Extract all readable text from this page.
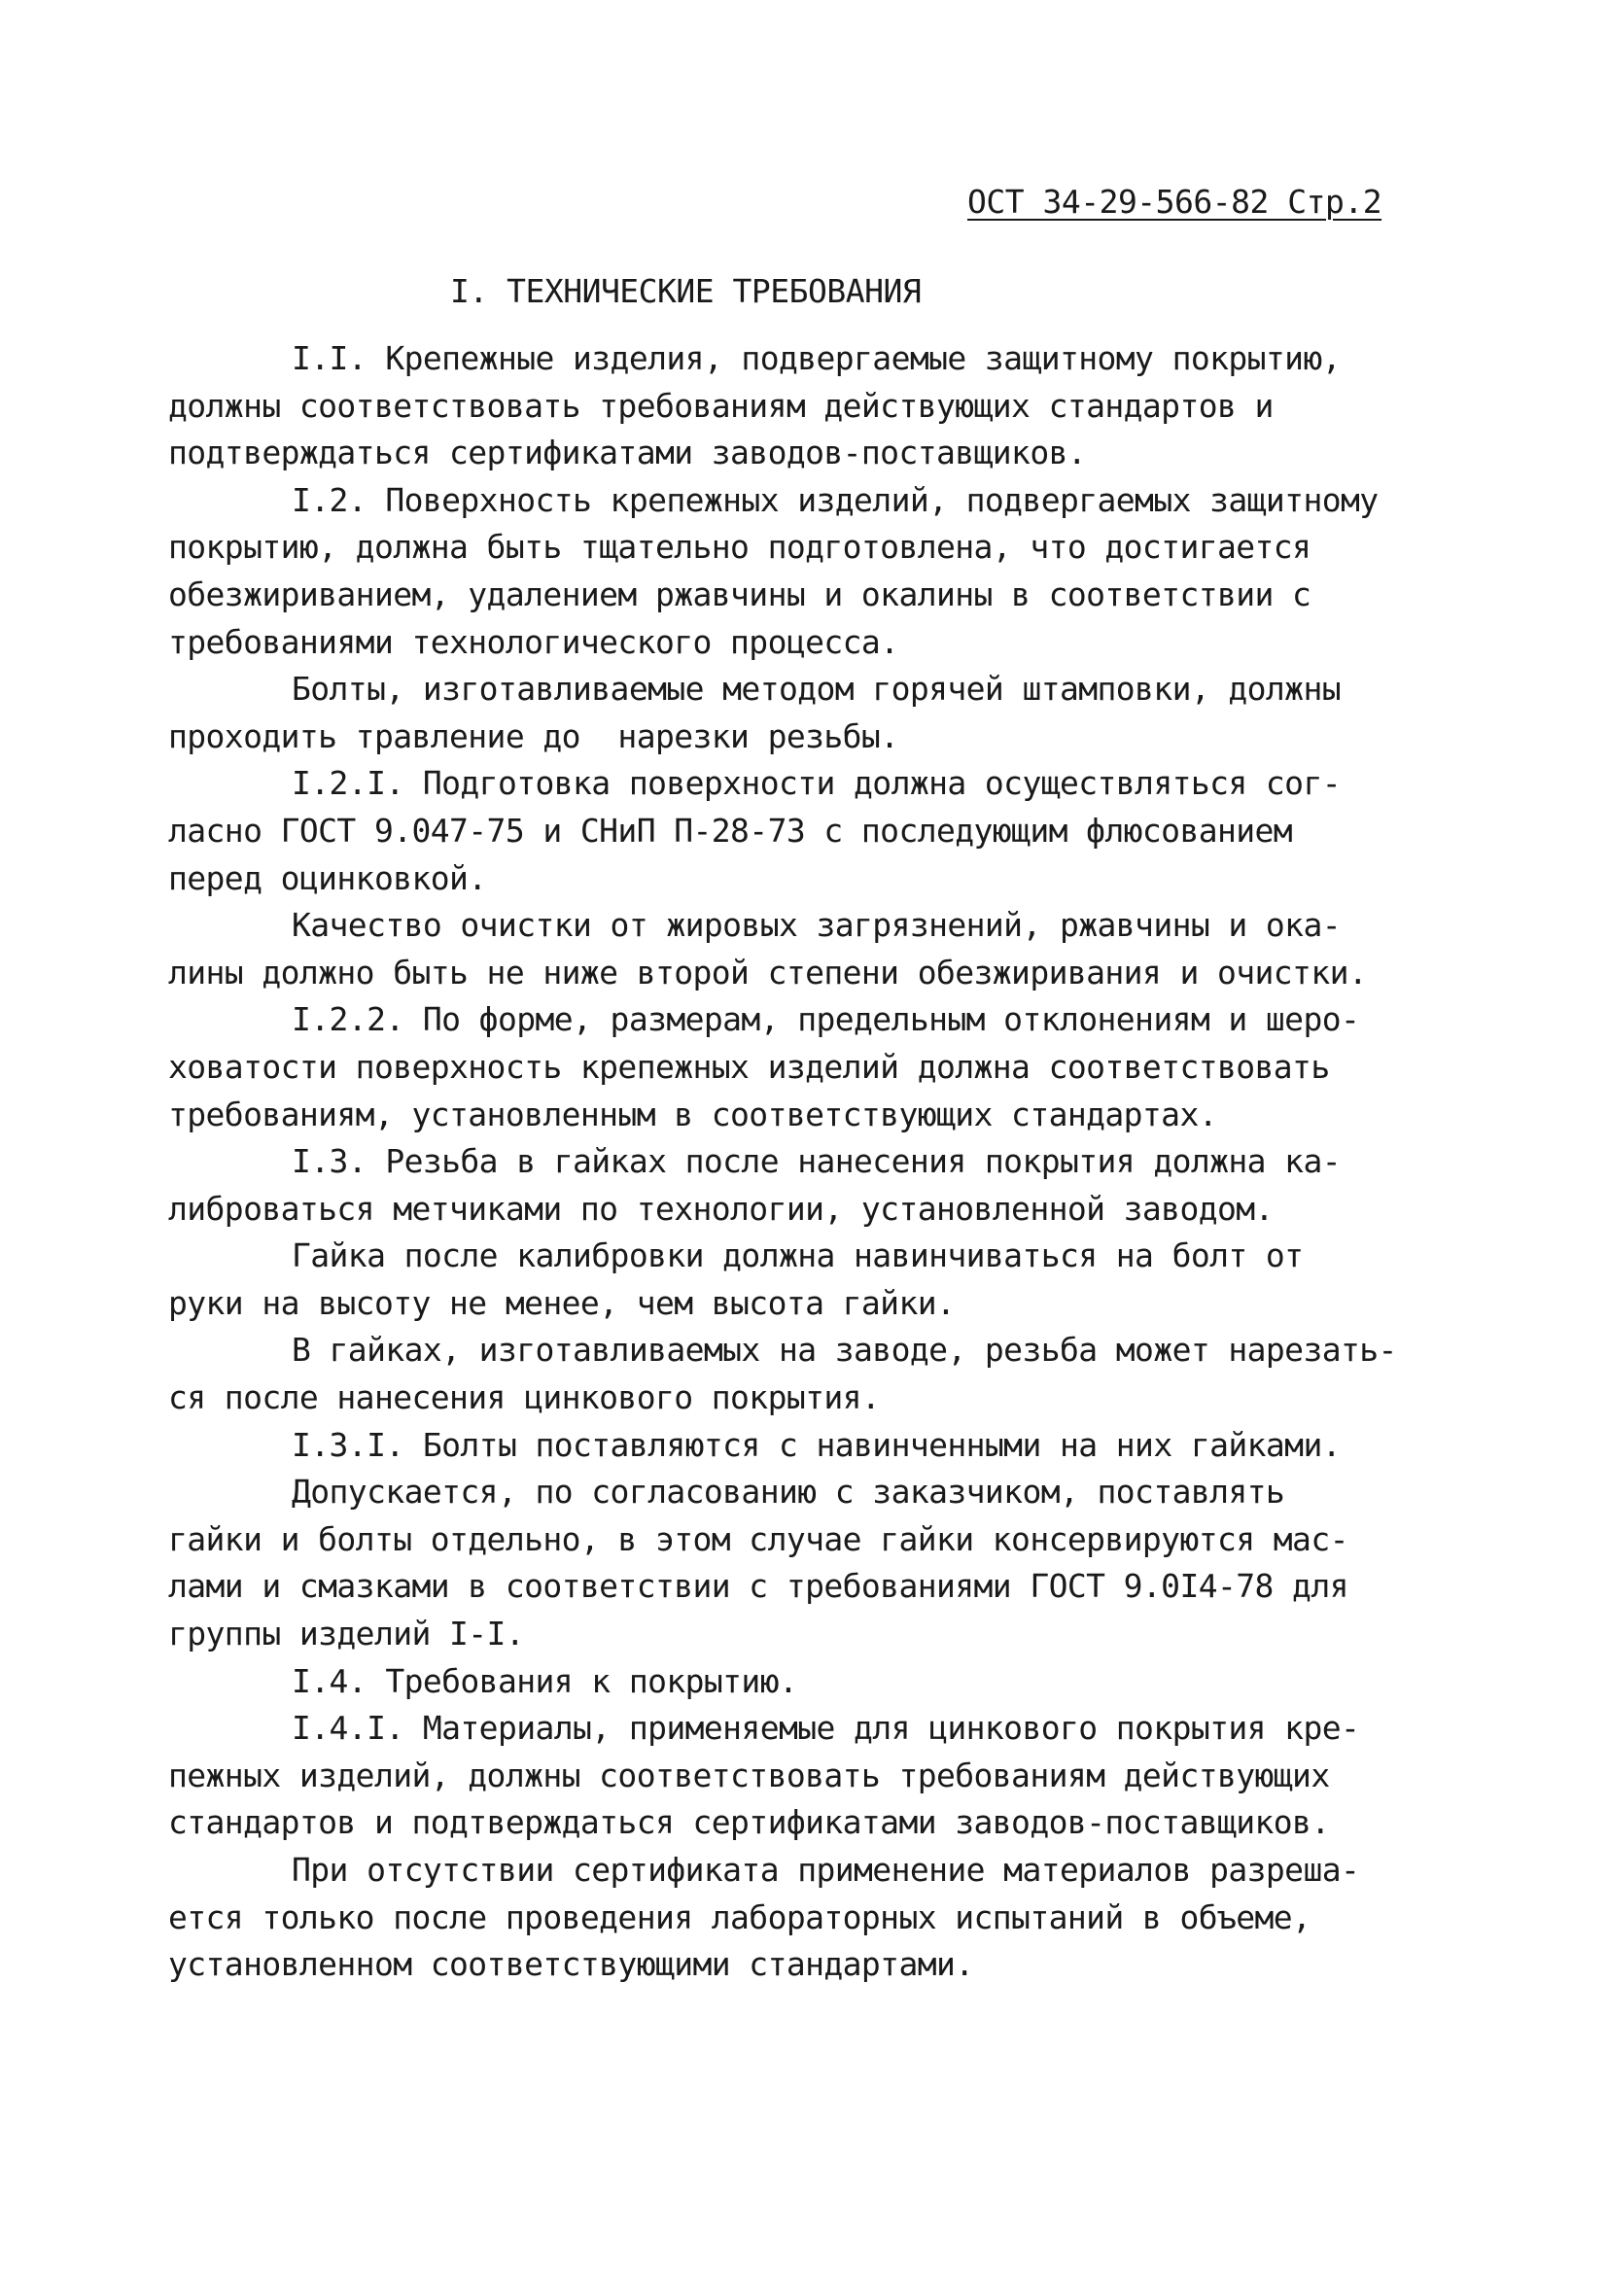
ОСТ 34-29-566-82 Стр.2
I. ТЕХНИЧЕСКИЕ ТРЕБОВАНИЯ
I.I. Крепежные изделия, подвергаемые защитному покрытию,
должны соответствовать требованиям действующих стандартов и
подтверждаться сертификатами заводов-поставщиков.
I.2. Поверхность крепежных изделий, подвергаемых защитному
покрытию, должна быть тщательно подготовлена, что достигается
обезжириванием, удалением ржавчины и окалины в соответствии с
требованиями технологического процесса.
Болты, изготавливаемые методом горячей штамповки, должны
проходить травление до  нарезки резьбы.
I.2.I. Подготовка поверхности должна осуществляться сог-
ласно ГОСТ 9.047-75 и СНиП П-28-73 с последующим флюсованием
перед оцинковкой.
Качество очистки от жировых загрязнений, ржавчины и ока-
лины должно быть не ниже второй степени обезжиривания и очистки.
I.2.2. По форме, размерам, предельным отклонениям и шеро-
ховатости поверхность крепежных изделий должна соответствовать
требованиям, установленным в соответствующих стандартах.
I.3. Резьба в гайках после нанесения покрытия должна ка-
либроваться метчиками по технологии, установленной заводом.
Гайка после калибровки должна навинчиваться на болт от
руки на высоту не менее, чем высота гайки.
В гайках, изготавливаемых на заводе, резьба может нарезать-
ся после нанесения цинкового покрытия.
I.3.I. Болты поставляются с навинченными на них гайками.
Допускается, по согласованию с заказчиком, поставлять
гайки и болты отдельно, в этом случае гайки консервируются мас-
лами и смазками в соответствии с требованиями ГОСТ 9.0I4-78 для
группы изделий I-I.
I.4. Требования к покрытию.
I.4.I. Материалы, применяемые для цинкового покрытия кре-
пежных изделий, должны соответствовать требованиям действующих
стандартов и подтверждаться сертификатами заводов-поставщиков.
При отсутствии сертификата применение материалов разреша-
ется только после проведения лабораторных испытаний в объеме,
установленном соответствующими стандартами.
